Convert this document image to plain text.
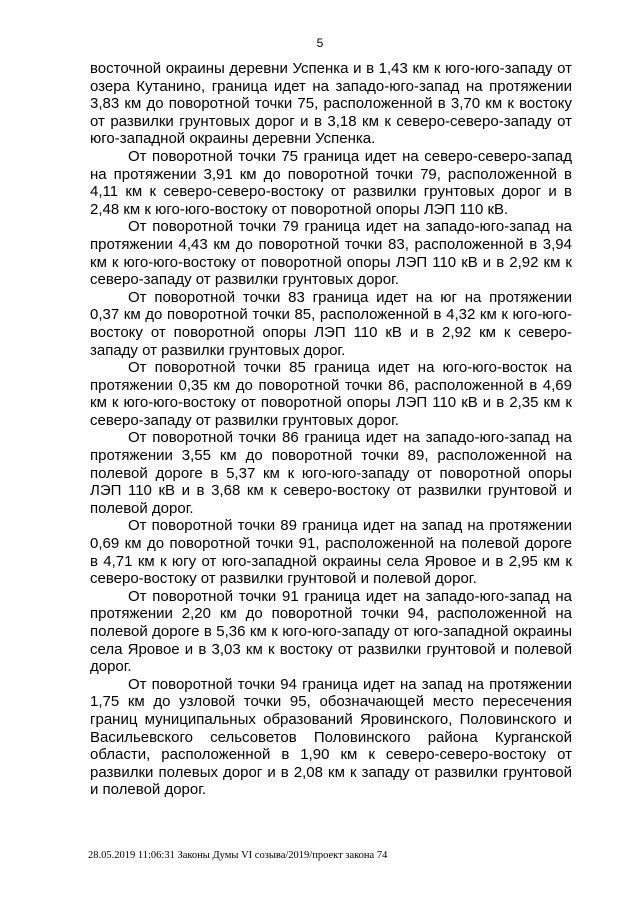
5

восточной окраины деревни Успенка и в 1,43 км к юго-юго-западу от озера Кутанино, граница идет на западо-юго-запад на протяжении 3,83 км до поворотной точки 75, расположенной в 3,70 км к востоку от развилки грунтовых дорог и в 3,18 км к северо-северо-западу от юго-западной окраины деревни Успенка.

От поворотной точки 75 граница идет на северо-северо-запад на протяжении 3,91 км до поворотной точки 79, расположенной в 4,11 км к северо-северо-востоку от развилки грунтовых дорог и в 2,48 км к юго-юго-востоку от поворотной опоры ЛЭП 110 кВ.

От поворотной точки 79 граница идет на западо-юго-запад на протяжении 4,43 км до поворотной точки 83, расположенной в 3,94 км к юго-юго-востоку от поворотной опоры ЛЭП 110 кВ и в 2,92 км к северо-западу от развилки грунтовых дорог.

От поворотной точки 83 граница идет на юг на протяжении 0,37 км до поворотной точки 85, расположенной в 4,32 км к юго-юго-востоку от поворотной опоры ЛЭП 110 кВ и в 2,92 км к северо-западу от развилки грунтовых дорог.

От поворотной точки 85 граница идет на юго-юго-восток на протяжении 0,35 км до поворотной точки 86, расположенной в 4,69 км к юго-юго-востоку от поворотной опоры ЛЭП 110 кВ и в 2,35 км к северо-западу от развилки грунтовых дорог.

От поворотной точки 86 граница идет на западо-юго-запад на протяжении 3,55 км до поворотной точки 89, расположенной на полевой дороге в 5,37 км к юго-юго-западу от поворотной опоры ЛЭП 110 кВ и в 3,68 км к северо-востоку от развилки грунтовой и полевой дорог.

От поворотной точки 89 граница идет на запад на протяжении 0,69 км до поворотной точки 91, расположенной на полевой дороге в 4,71 км к югу от юго-западной окраины села Яровое и в 2,95 км к северо-востоку от развилки грунтовой и полевой дорог.

От поворотной точки 91 граница идет на западо-юго-запад на протяжении 2,20 км до поворотной точки 94, расположенной на полевой дороге в 5,36 км к юго-юго-западу от юго-западной окраины села Яровое и в 3,03 км к востоку от развилки грунтовой и полевой дорог.

От поворотной точки 94 граница идет на запад на протяжении 1,75 км до узловой точки 95, обозначающей место пересечения границ муниципальных образований Яровинского, Половинского и Васильевского сельсоветов Половинского района Курганской области, расположенной в 1,90 км к северо-северо-востоку от развилки полевых дорог и в 2,08 км к западу от развилки грунтовой и полевой дорог.

28.05.2019 11:06:31 Законы Думы VI созыва/2019/проект закона 74
